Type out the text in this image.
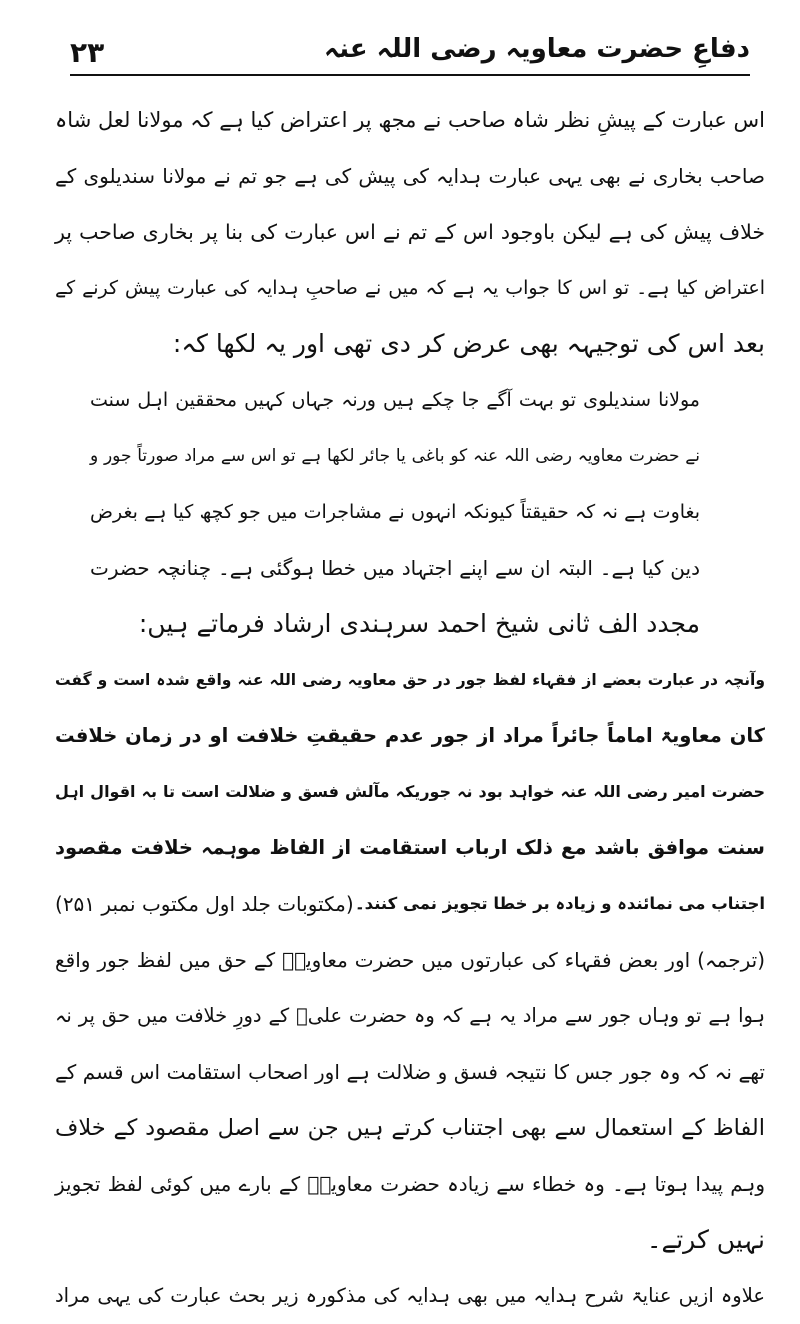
۲۳	دفاعِ حضرت معاویہ رضی اللہ عنہ
اس عبارت کے پیشِ نظر شاہ صاحب نے مجھ پر اعتراض کیا ہے کہ مولانا لعل شاہ
صاحب بخاری نے بھی یہی عبارت ہدایہ کی پیش کی ہے جو تم نے مولانا سندیلوی کے
خلاف پیش کی ہے لیکن باوجود اس کے تم نے اس عبارت کی بنا پر بخاری صاحب پر
اعتراض کیا ہے۔ تو اس کا جواب یہ ہے کہ میں نے صاحبِ ہدایہ کی عبارت پیش کرنے کے
بعد اس کی توجیہہ بھی عرض کر دی تھی اور یہ لکھا کہ:
مولانا سندیلوی تو بہت آگے جا چکے ہیں ورنہ جہاں کہیں محققین اہل سنت
نے حضرت معاویہ رضی اللہ عنہ کو باغی یا جائر لکھا ہے تو اس سے مراد صورتاً جور و
بغاوت ہے نہ کہ حقیقتاً کیونکہ انہوں نے مشاجرات میں جو کچھ کیا ہے بغرض
دین کیا ہے۔ البتہ ان سے اپنے اجتہاد میں خطا ہوگئی ہے۔ چنانچہ حضرت
مجدد الف ثانی شیخ احمد سرہندی ارشاد فرماتے ہیں:
وآنچہ در عبارت بعضے از فقہاء لفظ جور در حق معاویہ رضی اللہ عنہ واقع شدہ است و گفت
کان معاویۃ اماماً جائراً مراد از جور عدم حقیقتِ خلافت او در زمان خلافت
حضرت امیر رضی اللہ عنہ خواہد بود نہ جوریکہ مآلش فسق و ضلالت است تا بہ اقوال اہل
سنت موافق باشد مع ذلک ارباب استقامت از الفاظ موہمہ خلافت مقصود
اجتناب می نمائندہ و زیادہ بر خطا تجویز نمی کنند۔
(مکتوبات جلد اول مکتوب نمبر ۲۵۱)
(ترجمہ) اور بعض فقہاء کی عبارتوں میں حضرت معاویہؓ کے حق میں لفظ جور واقع
ہوا ہے تو وہاں جور سے مراد یہ ہے کہ وہ حضرت علیؓ کے دورِ خلافت میں حق پر نہ
تھے نہ کہ وہ جور جس کا نتیجہ فسق و ضلالت ہے اور اصحاب استقامت اس قسم کے
الفاظ کے استعمال سے بھی اجتناب کرتے ہیں جن سے اصل مقصود کے خلاف
وہم پیدا ہوتا ہے۔ وہ خطاء سے زیادہ حضرت معاویہؓ کے بارے میں کوئی لفظ تجویز
نہیں کرتے۔
علاوہ ازیں عنایۃ شرح ہدایہ میں بھی ہدایہ کی مذکورہ زیر بحث عبارت کی یہی مراد
